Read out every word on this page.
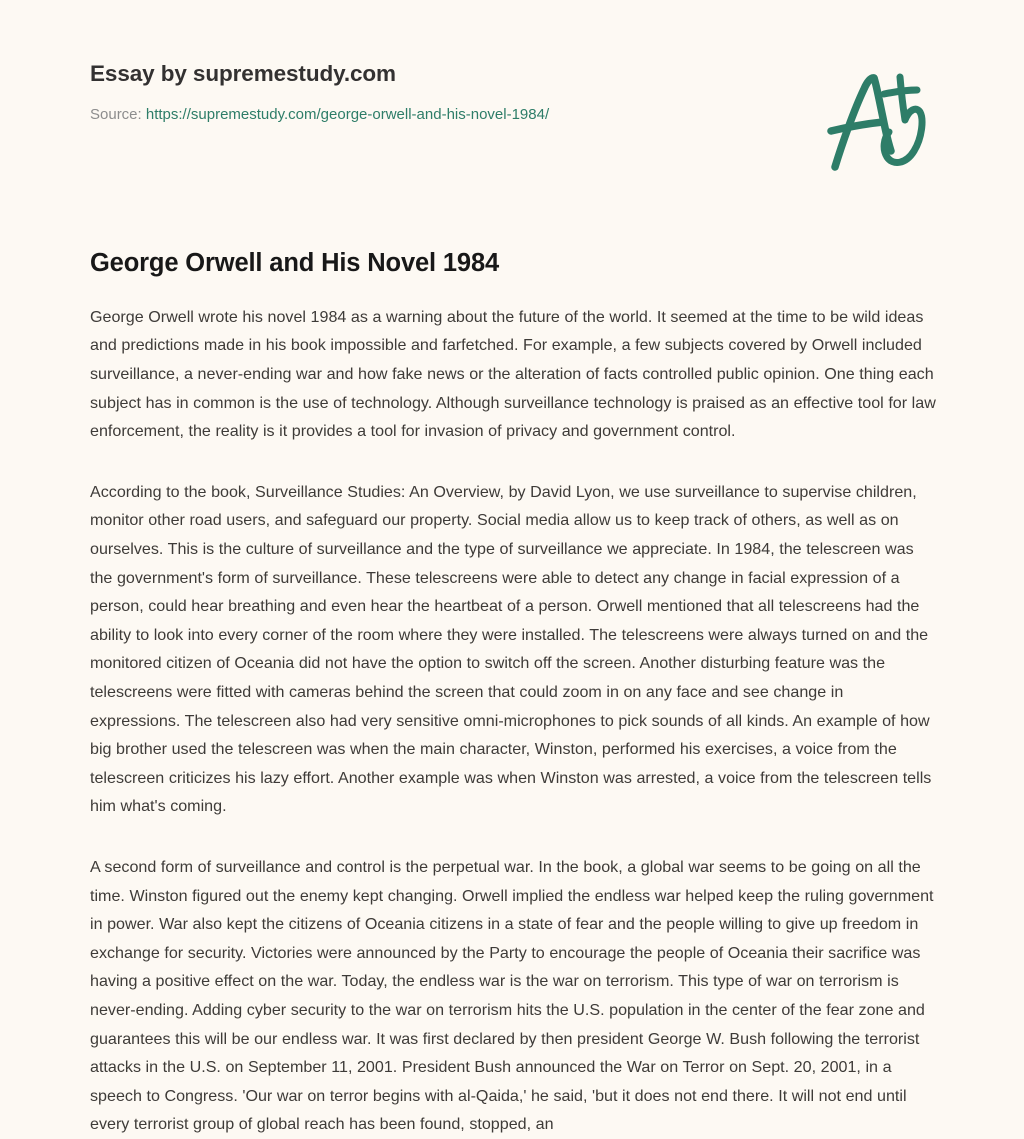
Essay by supremestudy.com
Source: https://supremestudy.com/george-orwell-and-his-novel-1984/
George Orwell and His Novel 1984

George Orwell wrote his novel 1984 as a warning about the future of the world. It seemed at the time to be wild ideas and predictions made in his book impossible and farfetched. For example, a few subjects covered by Orwell included surveillance, a never-ending war and how fake news or the alteration of facts controlled public opinion. One thing each subject has in common is the use of technology. Although surveillance technology is praised as an effective tool for law enforcement, the reality is it provides a tool for invasion of privacy and government control.

According to the book, Surveillance Studies: An Overview, by David Lyon, we use surveillance to supervise children, monitor other road users, and safeguard our property. Social media allow us to keep track of others, as well as on ourselves. This is the culture of surveillance and the type of surveillance we appreciate. In 1984, the telescreen was the government's form of surveillance. These telescreens were able to detect any change in facial expression of a person, could hear breathing and even hear the heartbeat of a person. Orwell mentioned that all telescreens had the ability to look into every corner of the room where they were installed. The telescreens were always turned on and the monitored citizen of Oceania did not have the option to switch off the screen. Another disturbing feature was the telescreens were fitted with cameras behind the screen that could zoom in on any face and see change in expressions. The telescreen also had very sensitive omni-microphones to pick sounds of all kinds. An example of how big brother used the telescreen was when the main character, Winston, performed his exercises, a voice from the telescreen criticizes his lazy effort. Another example was when Winston was arrested, a voice from the telescreen tells him what's coming.

A second form of surveillance and control is the perpetual war. In the book, a global war seems to be going on all the time. Winston figured out the enemy kept changing. Orwell implied the endless war helped keep the ruling government in power. War also kept the citizens of Oceania citizens in a state of fear and the people willing to give up freedom in exchange for security. Victories were announced by the Party to encourage the people of Oceania their sacrifice was having a positive effect on the war. Today, the endless war is the war on terrorism. This type of war on terrorism is never-ending. Adding cyber security to the war on terrorism hits the U.S. population in the center of the fear zone and guarantees this will be our endless war. It was first declared by then president George W. Bush following the terrorist attacks in the U.S. on September 11, 2001. President Bush announced the War on Terror on Sept. 20, 2001, in a speech to Congress. 'Our war on terror begins with al-Qaida,' he said, 'but it does not end there. It will not end until every terrorist group of global reach has been found, stopped, an
